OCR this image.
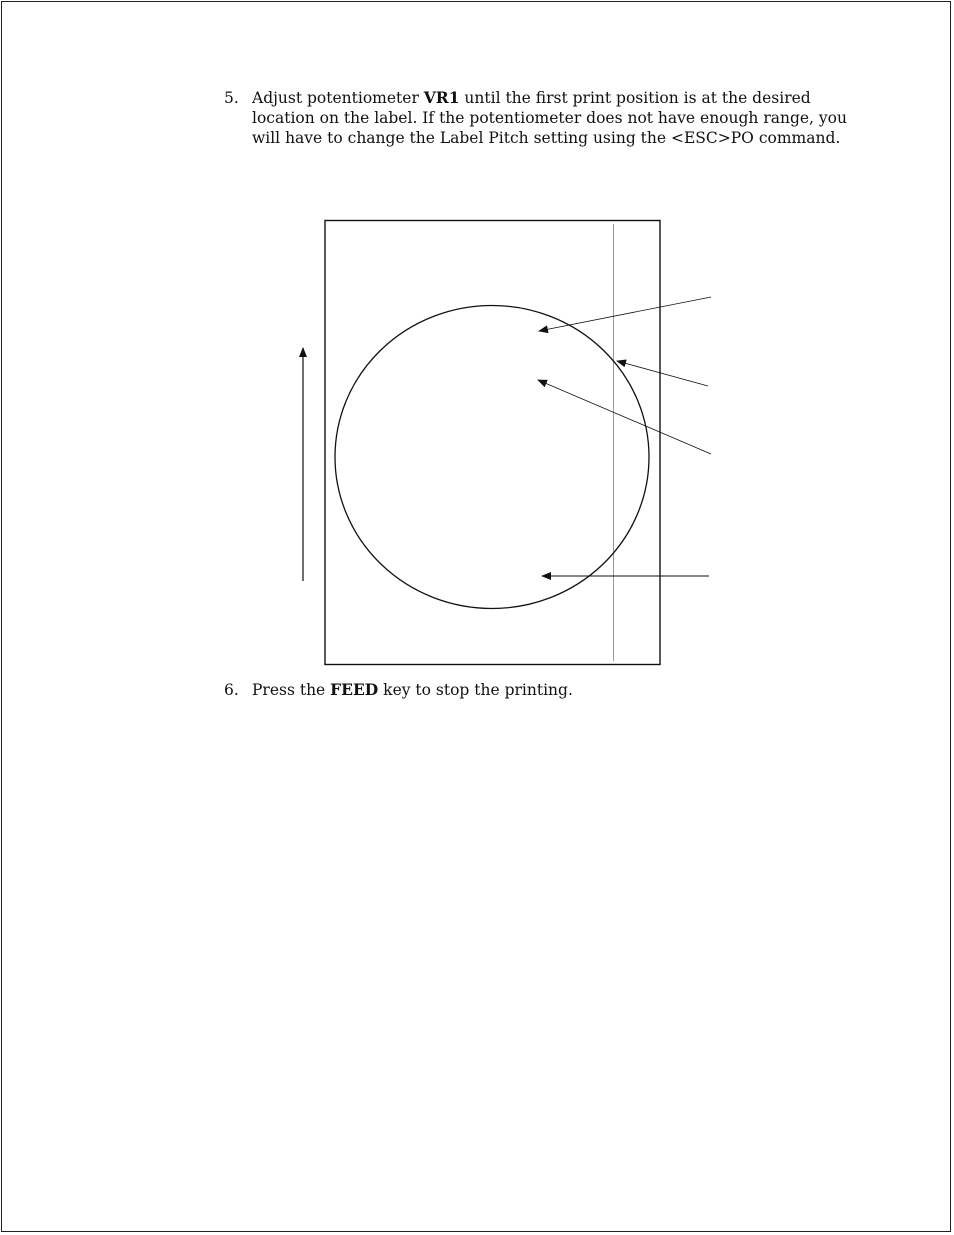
5. Adjust potentiometer VR1 until the first print position is at the desired location on the label. If the potentiometer does not have enough range, you will have to change the Label Pitch setting using the <ESC>PO command.
6. Press the FEED key to stop the printing.
